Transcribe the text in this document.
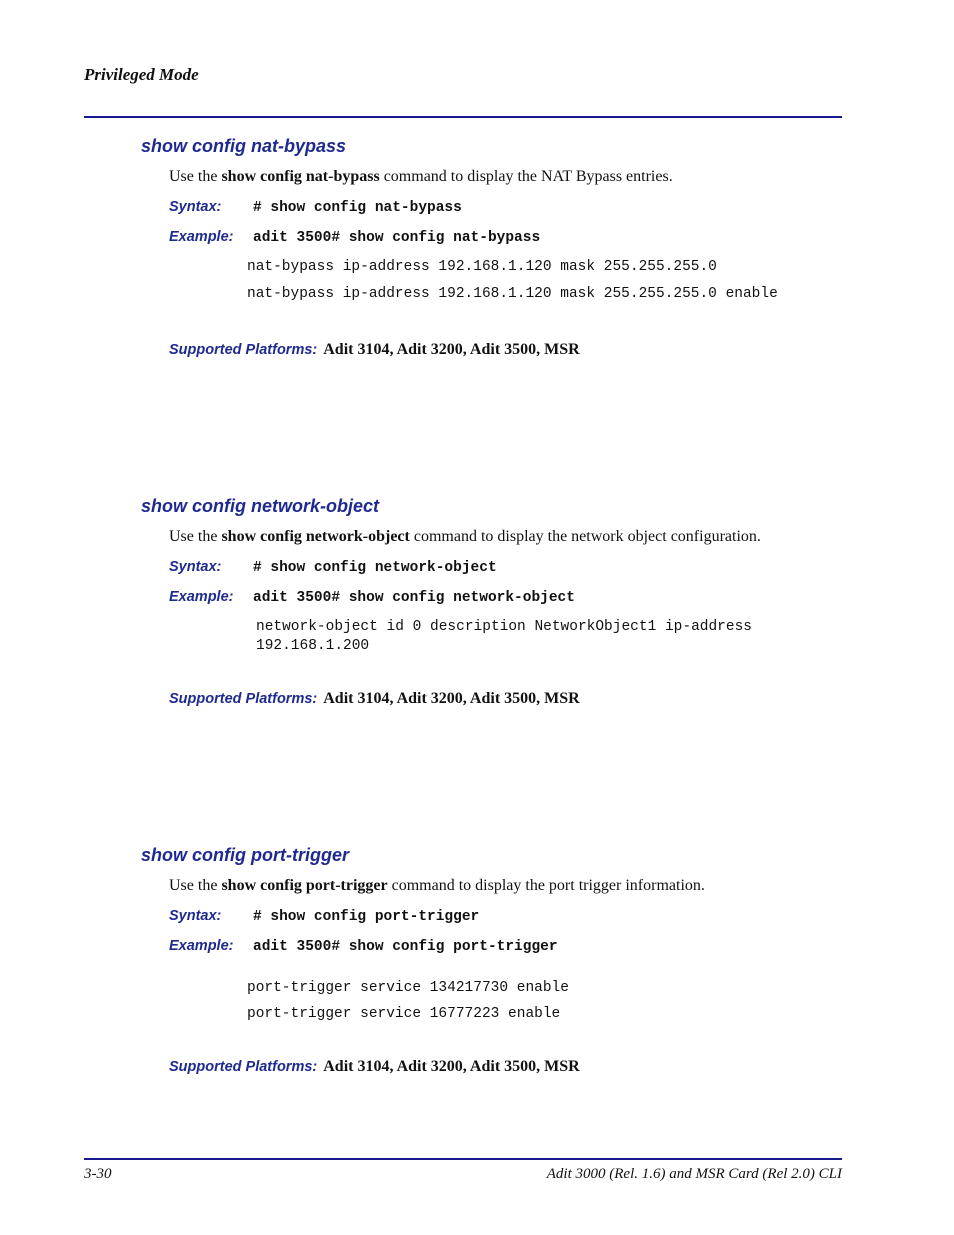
Privileged Mode
show config nat-bypass
Use the show config nat-bypass command to display the NAT Bypass entries.
Syntax: # show config nat-bypass
Example: adit 3500# show config nat-bypass
nat-bypass ip-address 192.168.1.120 mask 255.255.255.0
nat-bypass ip-address 192.168.1.120 mask 255.255.255.0 enable
Supported Platforms: Adit 3104, Adit 3200, Adit 3500, MSR
show config network-object
Use the show config network-object command to display the network object configuration.
Syntax: # show config network-object
Example: adit 3500# show config network-object
network-object id 0 description NetworkObject1 ip-address
192.168.1.200
Supported Platforms: Adit 3104, Adit 3200, Adit 3500, MSR
show config port-trigger
Use the show config port-trigger command to display the port trigger information.
Syntax: # show config port-trigger
Example: adit 3500# show config port-trigger
port-trigger service 134217730 enable
port-trigger service 16777223 enable
Supported Platforms: Adit 3104, Adit 3200, Adit 3500, MSR
3-30	Adit 3000 (Rel. 1.6) and MSR Card (Rel 2.0) CLI
